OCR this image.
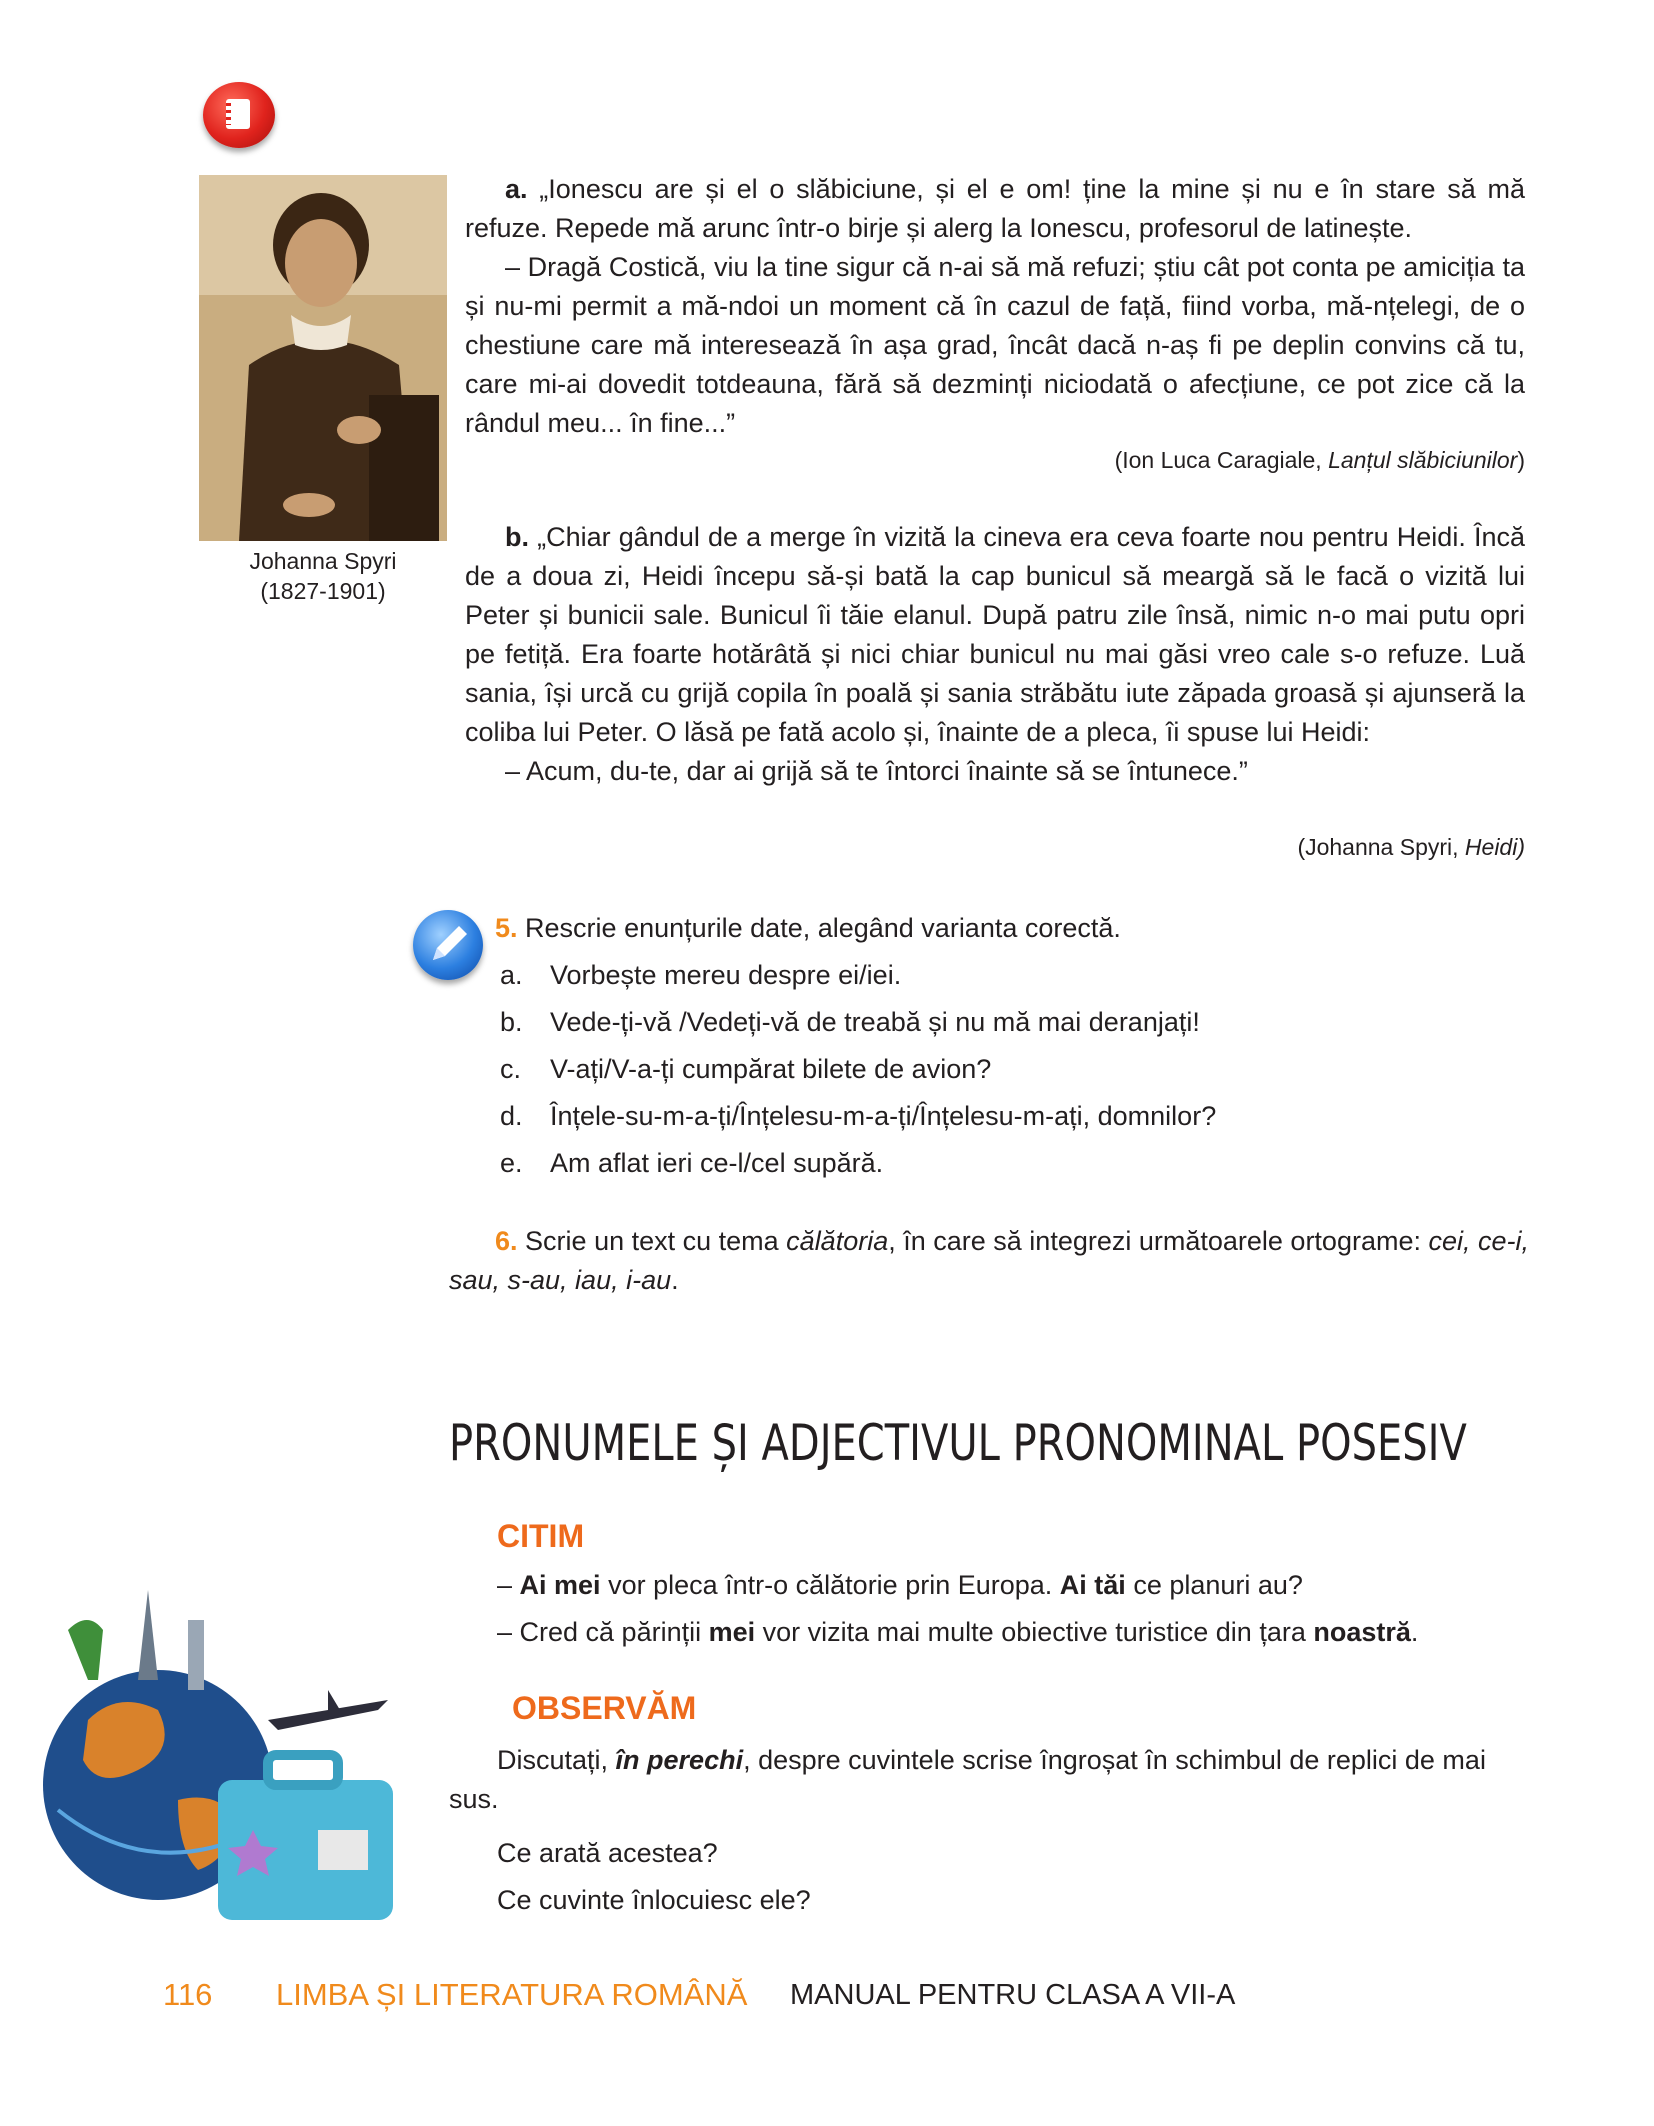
Johanna Spyri
(1827-1901)
a. „Ionescu are și el o slăbiciune, și el e om! ține la mine și nu e în stare să mă refuze. Repede mă arunc într-o birje și alerg la Ionescu, profesorul de latinește.
– Dragă Costică, viu la tine sigur că n-ai să mă refuzi; știu cât pot conta pe amiciția ta și nu-mi permit a mă-ndoi un moment că în cazul de față, fiind vorba, mă-nțelegi, de o chestiune care mă interesează în așa grad, încât dacă n-aș fi pe deplin convins că tu, care mi-ai dovedit totdeauna, fără să dezminți niciodată o afecțiune, ce pot zice că la rândul meu... în fine...”
(Ion Luca Caragiale, Lanțul slăbiciunilor)
b. „Chiar gândul de a merge în vizită la cineva era ceva foarte nou pentru Heidi. Încă de a doua zi, Heidi începu să-și bată la cap bunicul să meargă să le facă o vizită lui Peter și bunicii sale. Bunicul îi tăie elanul. După patru zile însă, nimic n-o mai putu opri pe fetiță. Era foarte hotărâtă și nici chiar bunicul nu mai găsi vreo cale s-o refuze. Luă sania, își urcă cu grijă copila în poală și sania străbătu iute zăpada groasă și ajunseră la coliba lui Peter. O lăsă pe fată acolo și, înainte de a pleca, îi spuse lui Heidi:
– Acum, du-te, dar ai grijă să te întorci înainte să se întunece.”
(Johanna Spyri, Heidi)
5. Rescrie enunțurile date, alegând varianta corectă.
a. Vorbește mereu despre ei/iei.
b. Vede-ți-vă /Vedeți-vă de treabă și nu mă mai deranjați!
c. V-ați/V-a-ți cumpărat bilete de avion?
d. Înțele-su-m-a-ți/Înțelesu-m-a-ți/Înțelesu-m-ați, domnilor?
e. Am aflat ieri ce-l/cel supără.
6. Scrie un text cu tema călătoria, în care să integrezi următoarele ortograme: cei, ce-i, sau, s-au, iau, i-au.
PRONUMELE ȘI ADJECTIVUL PRONOMINAL POSESIV
CITIM
– Ai mei vor pleca într-o călătorie prin Europa. Ai tăi ce planuri au?
– Cred că părinții mei vor vizita mai multe obiective turistice din țara noastră.
OBSERVĂM
Discutați, în perechi, despre cuvintele scrise îngroșat în schimbul de replici de mai sus.
Ce arată acestea?
Ce cuvinte înlocuiesc ele?
116 LIMBA ȘI LITERATURA ROMÂNĂ MANUAL PENTRU CLASA A VII-A
